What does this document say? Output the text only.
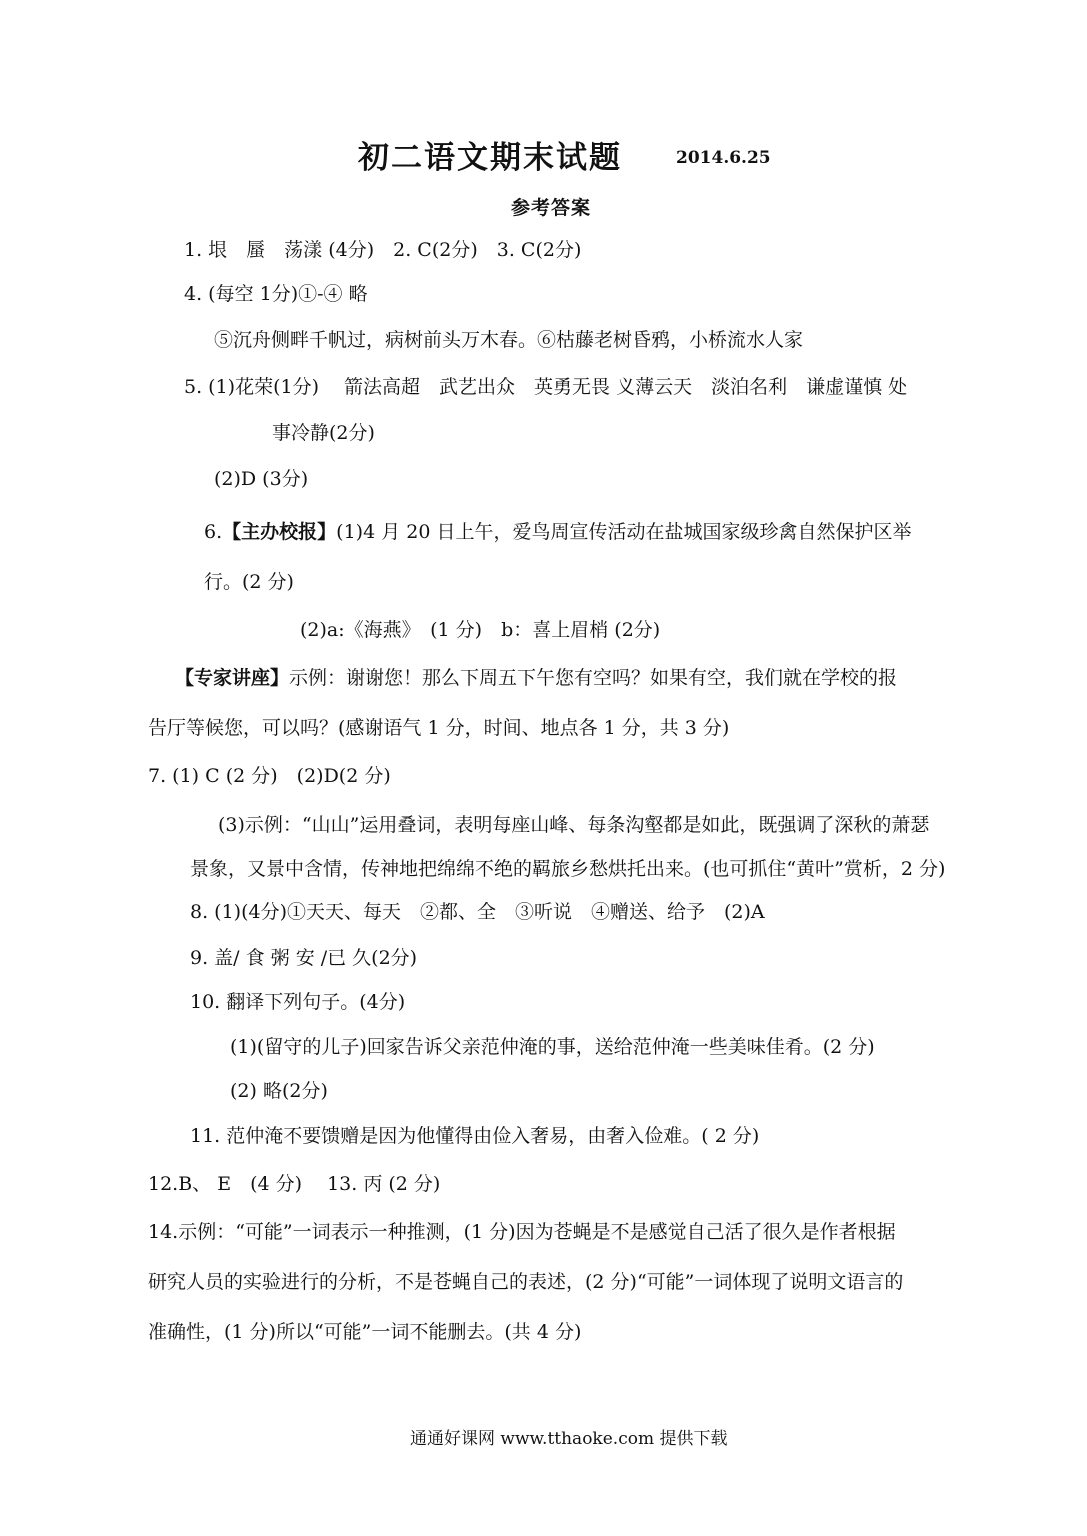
初二语文期末试题	2014.6.25
参考答案
1. 垠　蜃　荡漾 (4分)　2. C(2分)　3. C(2分)
4. (每空 1分)①-④ 略
⑤沉舟侧畔千帆过，病树前头万木春。⑥枯藤老树昏鸦，小桥流水人家
5. (1)花荣(1分)　 箭法高超　武艺出众　英勇无畏 义薄云天　淡泊名利　谦虚谨慎 处
事冷静(2分)
(2)D (3分)
6.【主办校报】(1)4 月 20 日上午，爱鸟周宣传活动在盐城国家级珍禽自然保护区举
行。(2 分)
(2)a:《海燕》　(1 分)　b：喜上眉梢 (2分)
【专家讲座】示例：谢谢您！那么下周五下午您有空吗？如果有空，我们就在学校的报
告厅等候您，可以吗？(感谢语气 1 分，时间、地点各 1 分，共 3 分)
7. (1) C (2 分)　(2)D(2 分)
(3)示例：“山山”运用叠词，表明每座山峰、每条沟壑都是如此，既强调了深秋的萧瑟
景象，又景中含情，传神地把绵绵不绝的羁旅乡愁烘托出来。(也可抓住“黄叶”赏析，2 分)
8. (1)(4分)①天天、每天　②都、全　③听说　④赠送、给予　(2)A
9. 盖/ 食 粥 安 /已 久(2分)
10. 翻译下列句子。(4分)
(1)(留守的儿子)回家告诉父亲范仲淹的事，送给范仲淹一些美味佳肴。(2 分)
(2) 略(2分)
11. 范仲淹不要馈赠是因为他懂得由俭入奢易，由奢入俭难。( 2 分)
12.B、 E　(4 分)　 13. 丙 (2 分)
14.示例：“可能”一词表示一种推测，(1 分)因为苍蝇是不是感觉自己活了很久是作者根据
研究人员的实验进行的分析，不是苍蝇自己的表述，(2 分)“可能”一词体现了说明文语言的
准确性，(1 分)所以“可能”一词不能删去。(共 4 分)
通通好课网 www.tthaoke.com 提供下载
